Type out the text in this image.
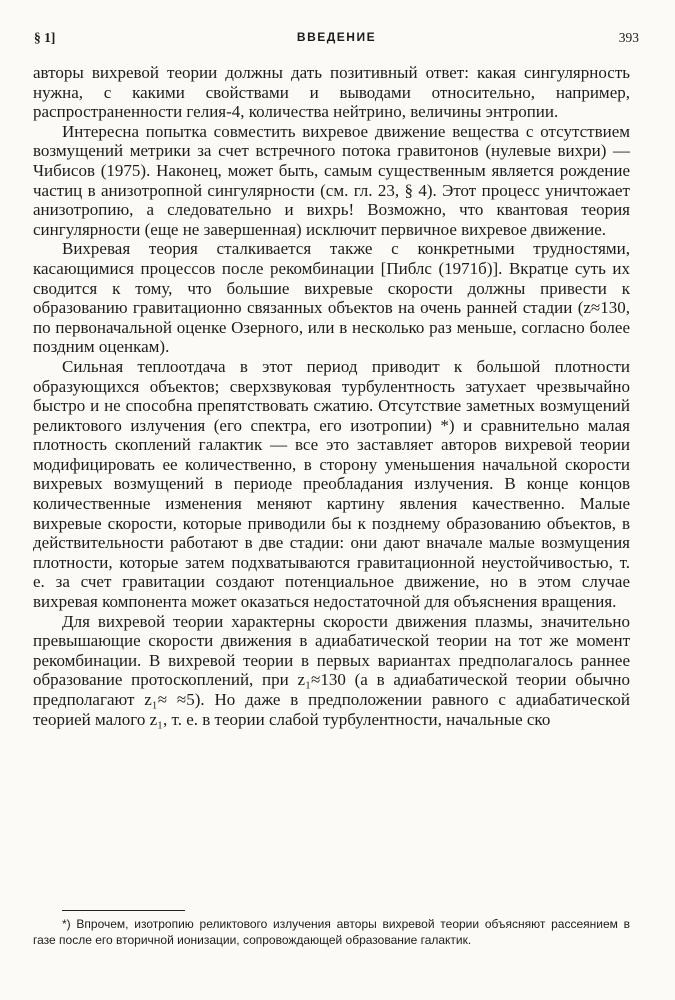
§ 1]	ВВЕДЕНИЕ	393

авторы вихревой теории должны дать позитивный ответ: какая сингулярность нужна, с какими свойствами и выводами относительно, например, распространенности гелия-4, количества нейтрино, величины энтропии.

Интересна попытка совместить вихревое движение вещества с отсутствием возмущений метрики за счет встречного потока гравитонов (нулевые вихри) — Чибисов (1975). Наконец, может быть, самым существенным является рождение частиц в анизотропной сингулярности (см. гл. 23, § 4). Этот процесс уничтожает анизотропию, а следовательно и вихрь! Возможно, что квантовая теория сингулярности (еще не завершенная) исключит первичное вихревое движение.

Вихревая теория сталкивается также с конкретными трудностями, касающимися процессов после рекомбинации [Пиблс (1971б)]. Вкратце суть их сводится к тому, что большие вихревые скорости должны привести к образованию гравитационно связанных объектов на очень ранней стадии (z≈130, по первоначальной оценке Озерного, или в несколько раз меньше, согласно более поздним оценкам).

Сильная теплоотдача в этот период приводит к большой плотности образующихся объектов; сверхзвуковая турбулентность затухает чрезвычайно быстро и не способна препятствовать сжатию. Отсутствие заметных возмущений реликтового излучения (его спектра, его изотропии) *) и сравнительно малая плотность скоплений галактик — все это заставляет авторов вихревой теории модифицировать ее количественно, в сторону уменьшения начальной скорости вихревых возмущений в периоде преобладания излучения. В конце концов количественные изменения меняют картину явления качественно. Малые вихревые скорости, которые приводили бы к позднему образованию объектов, в действительности работают в две стадии: они дают вначале малые возмущения плотности, которые затем подхватываются гравитационной неустойчивостью, т. е. за счет гравитации создают потенциальное движение, но в этом случае вихревая компонента может оказаться недостаточной для объяснения вращения.

Для вихревой теории характерны скорости движения плазмы, значительно превышающие скорости движения в адиабатической теории на тот же момент рекомбинации. В вихревой теории в первых вариантах предполагалось раннее образование протоскоплений, при z₁≈130 (а в адиабатической теории обычно предполагают z₁≈ ≈5). Но даже в предположении равного с адиабатической теорией малого z₁, т. е. в теории слабой турбулентности, начальные ско

*) Впрочем, изотропию реликтового излучения авторы вихревой теории объясняют рассеянием в газе после его вторичной ионизации, сопровождающей образование галактик.
